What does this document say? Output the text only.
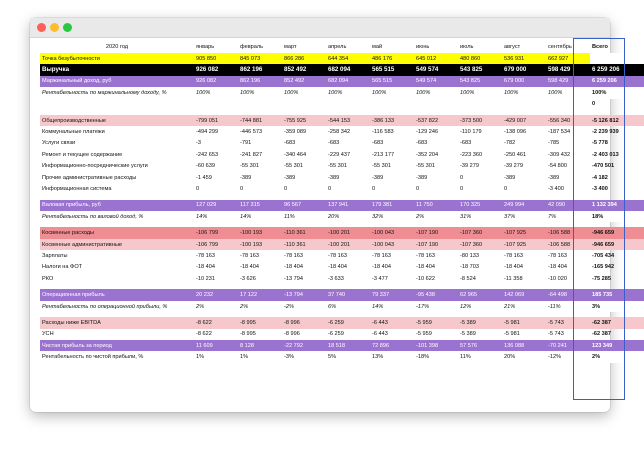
2020 год	январь	февраль	март	апрель	май	июнь	июль	август	сентябрь	Всего
Точка безубыточности	905 850	845 073	866 286	644 354	486 176	645 012	480 860	536 931	662 927	
Выручка	926 082	862 196	852 492	682 094	565 515	549 574	543 825	679 000	598 429	6 259 206
Маржинальный доход, руб	926 082	862 196	852 492	682 094	565 515	549 574	543 825	679 000	598 429	6 259 206
Рентабельность по маржинальному доходу, %	100%	100%	100%	100%	100%	100%	100%	100%	100%	100%
										0

Общепроизводственные	-799 051	-744 881	-755 925	-544 153	-386 133	-537 822	-373 500	-429 007	-556 340	-5 126 812
Коммунальные платежи	-494 299	-446 573	-359 089	-258 342	-116 583	-129 246	-110 179	-138 096	-187 534	-2 239 939
Услуги связи	-3	-791	-683	-683	-683	-683	-683	-782	-785	-5 778
Ремонт и текущее содержание	-242 653	-241 827	-340 464	-229 437	-213 177	-352 204	-223 360	-250 461	-309 432	-2 403 013
Информационно-посреднические услуги	-60 639	-55 301	-55 301	-55 301	-55 301	-55 301	-39 279	-39 279	-54 800	-470 501
Прочие административные расходы	-1 459	-389	-389	-389	-389	-389	0	-389	-389	-4 182
Информационная система	0	0	0	0	0	0	0	0	-3 400	-3 400

Валовая прибыль, руб	127 029	117 315	96 567	137 941	179 381	11 750	170 325	249 994	42 090	1 132 394
Рентабельность по валовой доход, %	14%	14%	11%	20%	32%	2%	31%	37%	7%	18%

Косвенные расходы	-106 799	-100 193	-110 361	-100 201	-100 043	-107 190	-107 360	-107 925	-106 588	-946 659
Косвенные административные	-106 799	-100 193	-110 361	-100 201	-100 043	-107 190	-107 360	-107 925	-106 588	-946 659
Зарплаты	-78 163	-78 163	-78 163	-78 163	-78 163	-78 163	-80 133	-78 163	-78 163	-705 434
Налоги на ФОТ	-18 404	-18 404	-18 404	-18 404	-18 404	-18 404	-18 703	-18 404	-18 404	-165 942
РКО	-10 231	-3 626	-13 794	-3 633	-3 477	-10 622	-8 524	-11 358	-10 020	-75 285

Операционная прибыль	20 232	17 122	-13 794	37 740	79 337	-95 438	62 965	142 069	-64 498	185 735
Рентабельность по операционной прибыли, %	2%	2%	-2%	6%	14%	-17%	12%	21%	-11%	3%

Расходы ниже EBITDA	-8 622	-8 995	-8 996	-6 259	-6 443	-5 959	-5 389	-5 981	-5 743	-62 387
УСН	-8 622	-8 995	-8 996	-6 259	-6 443	-5 959	-5 389	-5 981	-5 743	-62 387
Чистая прибыль за период	11 609	8 128	-22 792	18 518	72 896	-101 398	57 576	136 088	-70 241	123 349
Рентабельность по чистой прибыли, %	1%	1%	-3%	5%	13%	-18%	11%	20%	-12%	2%
